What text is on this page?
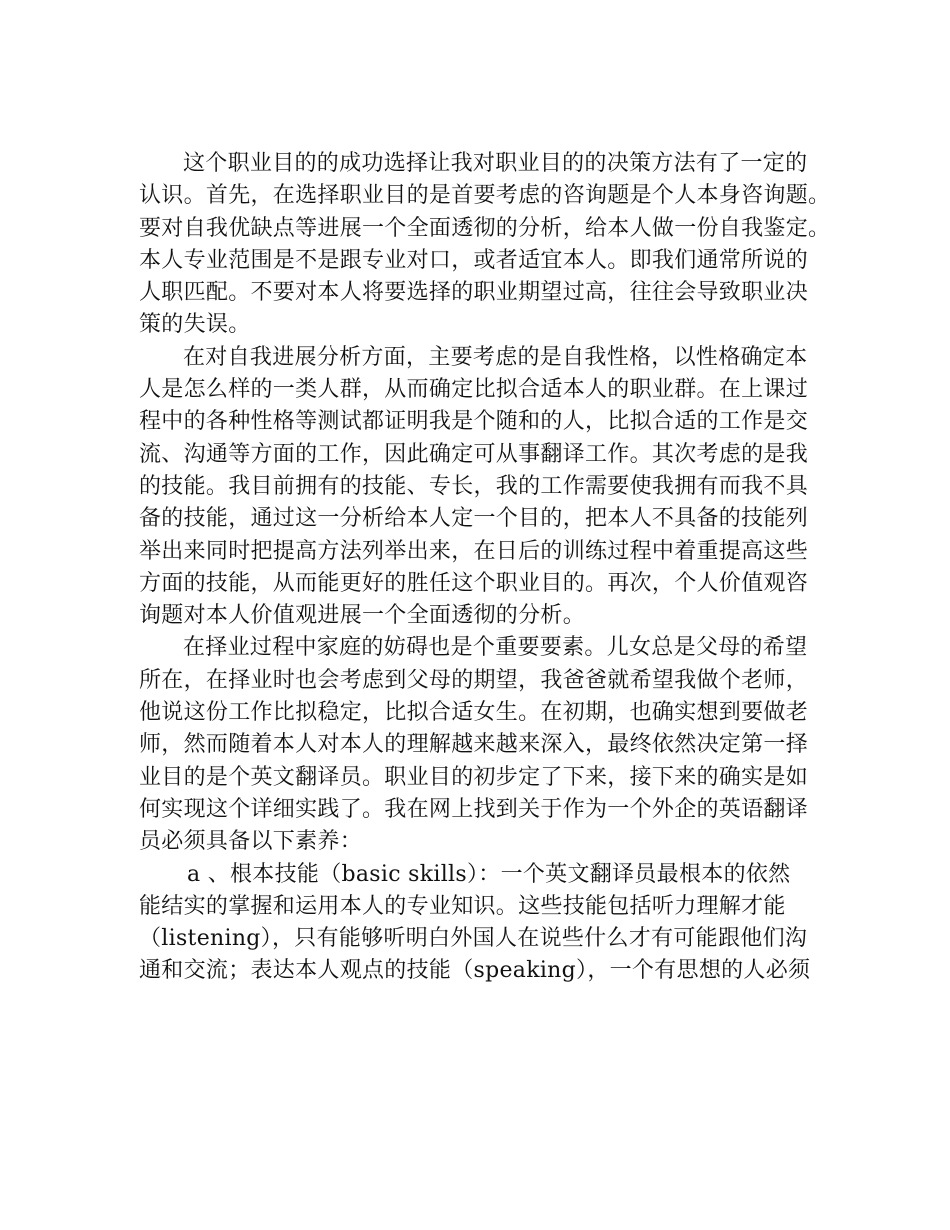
这个职业目的的成功选择让我对职业目的的决策方法有了一定的
认识。首先，在选择职业目的是首要考虑的咨询题是个人本身咨询题。
要对自我优缺点等进展一个全面透彻的分析，给本人做一份自我鉴定。
本人专业范围是不是跟专业对口，或者适宜本人。即我们通常所说的
人职匹配。不要对本人将要选择的职业期望过高，往往会导致职业决
策的失误。
在对自我进展分析方面，主要考虑的是自我性格，以性格确定本
人是怎么样的一类人群，从而确定比拟合适本人的职业群。在上课过
程中的各种性格等测试都证明我是个随和的人，比拟合适的工作是交
流、沟通等方面的工作，因此确定可从事翻译工作。其次考虑的是我
的技能。我目前拥有的技能、专长，我的工作需要使我拥有而我不具
备的技能，通过这一分析给本人定一个目的，把本人不具备的技能列
举出来同时把提高方法列举出来，在日后的训练过程中着重提高这些
方面的技能，从而能更好的胜任这个职业目的。再次，个人价值观咨
询题对本人价值观进展一个全面透彻的分析。
在择业过程中家庭的妨碍也是个重要要素。儿女总是父母的希望
所在，在择业时也会考虑到父母的期望，我爸爸就希望我做个老师，
他说这份工作比拟稳定，比拟合适女生。在初期，也确实想到要做老
师，然而随着本人对本人的理解越来越来深入，最终依然决定第一择
业目的是个英文翻译员。职业目的初步定了下来，接下来的确实是如
何实现这个详细实践了。我在网上找到关于作为一个外企的英语翻译
员必须具备以下素养：
a 、根本技能（basic skills）：一个英文翻译员最根本的依然
能结实的掌握和运用本人的专业知识。这些技能包括听力理解才能
（listening），只有能够听明白外国人在说些什么才有可能跟他们沟
通和交流；表达本人观点的技能（speaking），一个有思想的人必须
